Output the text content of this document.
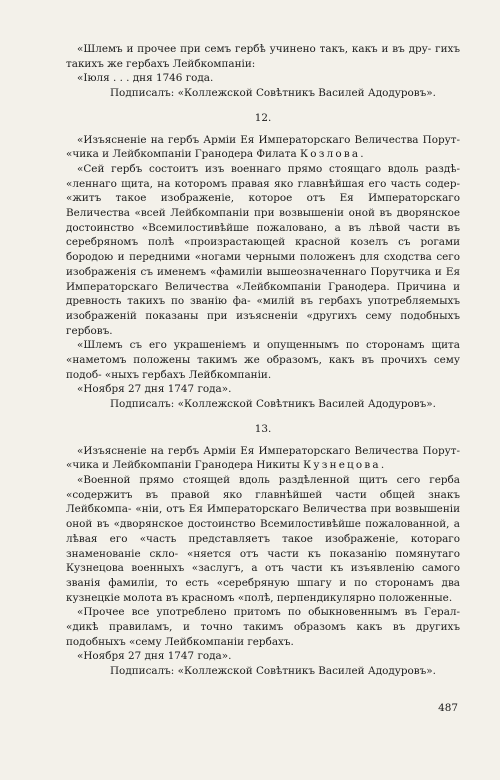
«Шлемъ и прочее при семъ гербѣ учинено такъ, какъ и въ дру- гихъ такихъ же гербахъ Лейбкомпаніи:

«Іюля . . . дня 1746 года.

Подписалъ: «Коллежской Совѣтникъ Василей Адодуровъ».

12.

«Изъясненіе на гербъ Арміи Ея Императорскаго Величества Порут- «чика и Лейбкомпаніи Гранодера Филата Козлова.

«Сей гербъ состоитъ изъ военнаго прямо стоящаго вдоль раздѣ- «леннаго щита, на которомъ правая яко главнѣйшая его часть содер- «житъ такое изображеніе, которое отъ Ея Императорскаго Величества «всей Лейбкомпаніи при возвышеніи оной въ дворянское достоинство «Всемилостивѣйше пожаловано, а въ лѣвой части въ серебряномъ полѣ «произрастающей красной козелъ съ рогами бородою и передними «ногами черными положенъ для сходства сего изображенія съ именемъ «фамиліи вышеозначеннаго Порутчика и Ея Императорскаго Величества «Лейбкомпаніи Гранодера. Причина и древность такихъ по званію фа- «милій въ гербахъ употребляемыхъ изображеній показаны при изъясненіи «другихъ сему подобныхъ гербовъ.

«Шлемъ съ его украшеніемъ и опущеннымъ по сторонамъ щита «наметомъ положены такимъ же образомъ, какъ въ прочихъ сему подоб- «ныхъ гербахъ Лейбкомпаніи.

«Ноября 27 дня 1747 года».

Подписалъ: «Коллежской Совѣтникъ Василей Адодуровъ».

13.

«Изъясненіе на гербъ Арміи Ея Императорскаго Величества Порут- «чика и Лейбкомпаніи Гранодера Никиты Кузнецова.

«Военной прямо стоящей вдоль раздѣленной щитъ сего герба «содержитъ въ правой яко главнѣйшей части общей знакъ Лейбкомпа- «ніи, отъ Ея Императорскаго Величества при возвышеніи оной въ «дворянское достоинство Всемилостивѣйше пожалованной, а лѣвая его «часть представляетъ такое изображеніе, котораго знаменованіе скло- «няется отъ части къ показанію помянутаго Кузнецова военныхъ «заслугъ, а отъ части къ изъявленію самого званія фамиліи, то есть «серебряную шпагу и по сторонамъ два кузнецкіе молота въ красномъ «полѣ, перпендикулярно положенные.

«Прочее все употреблено притомъ по обыкновеннымъ въ Герал- «дикѣ правиламъ, и точно такимъ образомъ какъ въ другихъ подобныхъ «сему Лейбкомпаніи гербахъ.

«Ноября 27 дня 1747 года».

Подписалъ: «Коллежской Совѣтникъ Василей Адодуровъ».

487
